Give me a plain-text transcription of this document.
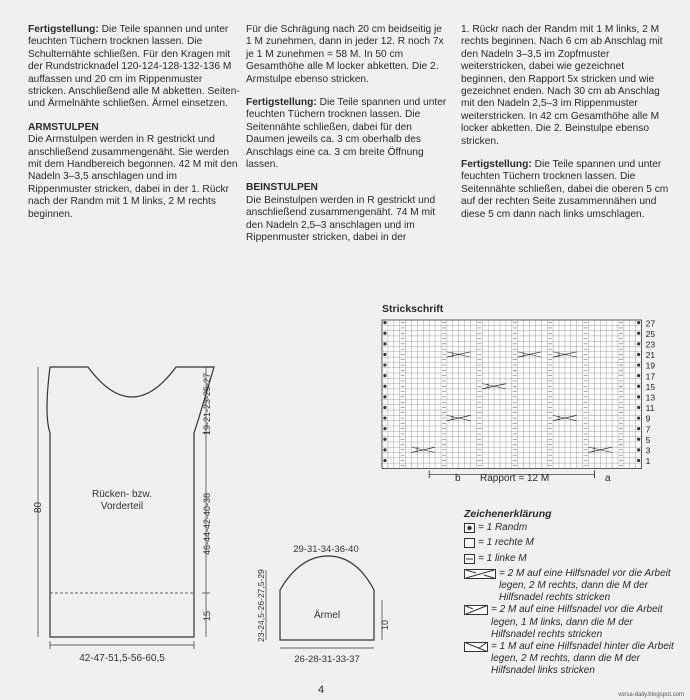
Fertigstellung: Die Teile spannen und unter feuchten Tüchern trocknen lassen. Die Schulternähte schließen. Für den Kragen mit der Rundstricknadel 120-124-128-132-136 M auffassen und 20 cm im Rippenmuster stricken. Anschließend alle M abketten. Seiten- und Ärmelnähte schließen. Ärmel einsetzen.

ARMSTULPEN

Die Armstulpen werden in R gestrickt und anschließend zusammengenäht. Sie werden mit dem Handbereich begonnen. 42 M mit den Nadeln 3–3,5 anschlagen und im Rippenmuster stricken, dabei in der 1. Rückr nach der Randm mit 1 M links, 2 M rechts beginnen.

Für die Schrägung nach 20 cm beidseitig je 1 M zunehmen, dann in jeder 12. R noch 7x je 1 M zunehmen = 58 M. In 50 cm Gesamthöhe alle M locker abketten. Die 2. Armstulpe ebenso stricken.

Fertigstellung: Die Teile spannen und unter feuchten Tüchern trocknen lassen. Die Seitennähte schließen, dabei für den Daumen jeweils ca. 3 cm oberhalb des Anschlags eine ca. 3 cm breite Öffnung lassen.

BEINSTULPEN

Die Beinstulpen werden in R gestrickt und anschließend zusammengenäht. 74 M mit den Nadeln 2,5–3 anschlagen und im Rippenmuster stricken, dabei in der

1. Rückr nach der Randm mit 1 M links, 2 M rechts beginnen. Nach 6 cm ab Anschlag mit den Nadeln 3–3,5 im Zopfmuster weiterstricken, dabei wie gezeichnet beginnen, den Rapport 5x stricken und wie gezeichnet enden. Nach 30 cm ab Anschlag mit den Nadeln 2,5–3 im Rippenmuster weiterstricken. In 42 cm Gesamthöhe alle M locker abketten. Die 2. Beinstulpe ebenso stricken.

Fertigstellung: Die Teile spannen und unter feuchten Tüchern trocknen lassen. Die Seitennähte schließen, dabei die oberen 5 cm auf der rechten Seite zusammennähen und diese 5 cm dann nach links umschlagen.

Rücken- bzw.
Vorderteil
42-47-51,5-56-60,5
80
19-21-23-25-27
46-44-42-40-38
15
29-31-34-36-40
Ärmel
23-24,5-26-27,5-29	10
26-28-31-33-37
Strickschrift
2
2
2
2
2
2
2	2
27
25
23
21
19
17
15
13
11
9
7
5
3
1
b Rapport = 12 M	a
Zeichenerklärung
= 1 Randm
= 1 rechte M
= 1 linke M
= 2 M auf eine Hilfsnadel vor die Arbeit legen, 2 M rechts, dann die M der Hilfsnadel rechts stricken
= 2 M auf eine Hilfsnadel vor die Arbeit legen, 1 M links, dann die M der Hilfsnadel rechts stricken
= 1 M auf eine Hilfsnadel hinter die Arbeit legen, 2 M rechts, dann die M der Hilfsnadel links stricken
4	vorsa-daily.blogspot.com
